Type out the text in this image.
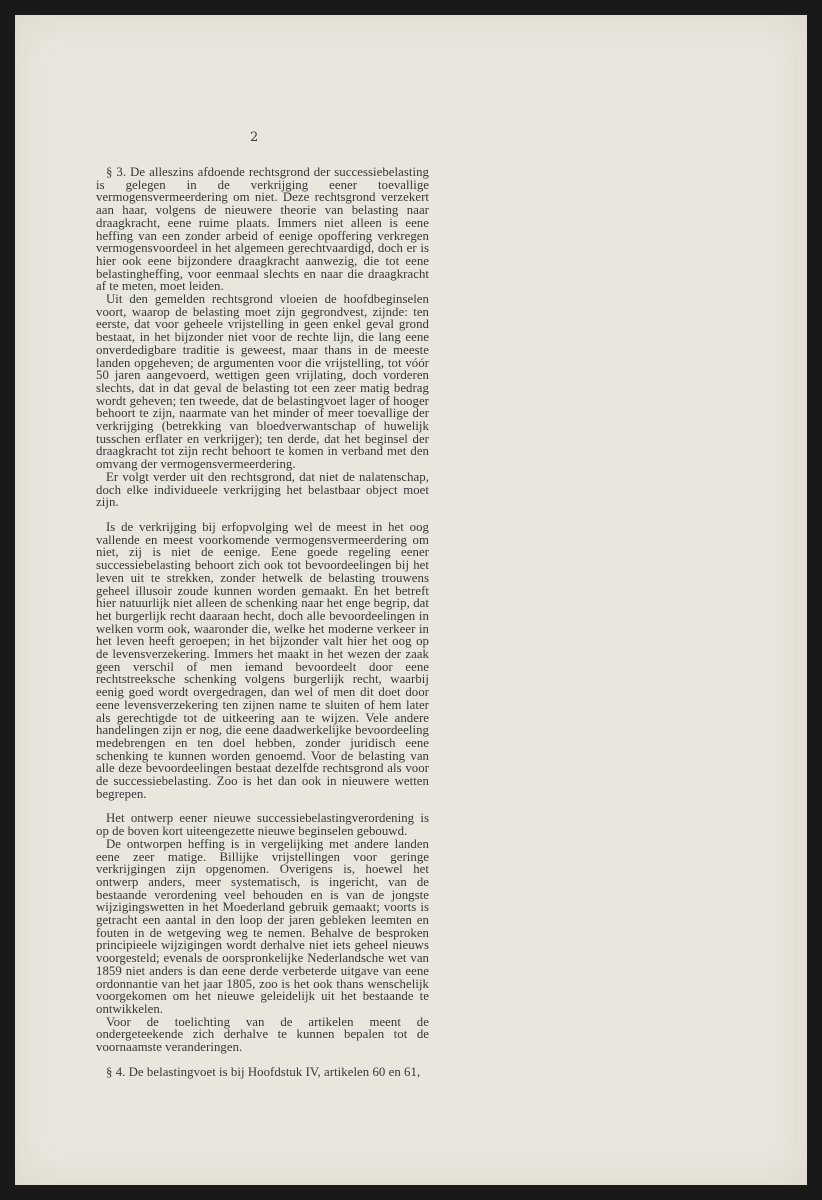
2

§ 3. De alleszins afdoende rechtsgrond der successiebelasting is gelegen in de verkrijging eener toevallige vermogensvermeerdering om niet. Deze rechtsgrond verzekert aan haar, volgens de nieuwere theorie van belasting naar draagkracht, eene ruime plaats. Immers niet alleen is eene heffing van een zonder arbeid of eenige opoffering verkregen vermogensvoordeel in het algemeen gerechtvaardigd, doch er is hier ook eene bijzondere draagkracht aanwezig, die tot eene belastingheffing, voor eenmaal slechts en naar die draagkracht af te meten, moet leiden.

Uit den gemelden rechtsgrond vloeien de hoofdbeginselen voort, waarop de belasting moet zijn gegrondvest, zijnde: ten eerste, dat voor geheele vrijstelling in geen enkel geval grond bestaat, in het bijzonder niet voor de rechte lijn, die lang eene onverdedigbare traditie is geweest, maar thans in de meeste landen opgeheven; de argumenten voor die vrijstelling, tot vóór 50 jaren aangevoerd, wettigen geen vrijlating, doch vorderen slechts, dat in dat geval de belasting tot een zeer matig bedrag wordt geheven; ten tweede, dat de belastingvoet lager of hooger behoort te zijn, naarmate van het minder of meer toevallige der verkrijging (betrekking van bloedverwantschap of huwelijk tusschen erflater en verkrijger); ten derde, dat het beginsel der draagkracht tot zijn recht behoort te komen in verband met den omvang der vermogensvermeerdering.

Er volgt verder uit den rechtsgrond, dat niet de nalatenschap, doch elke individueele verkrijging het belastbaar object moet zijn.

Is de verkrijging bij erfopvolging wel de meest in het oog vallende en meest voorkomende vermogensvermeerdering om niet, zij is niet de eenige. Eene goede regeling eener successiebelasting behoort zich ook tot bevoordeelingen bij het leven uit te strekken, zonder hetwelk de belasting trouwens geheel illusoir zoude kunnen worden gemaakt. En het betreft hier natuurlijk niet alleen de schenking naar het enge begrip, dat het burgerlijk recht daaraan hecht, doch alle bevoordeelingen in welken vorm ook, waaronder die, welke het moderne verkeer in het leven heeft geroepen; in het bijzonder valt hier het oog op de levensverzekering. Immers het maakt in het wezen der zaak geen verschil of men iemand bevoordeelt door eene rechtstreeksche schenking volgens burgerlijk recht, waarbij eenig goed wordt overgedragen, dan wel of men dit doet door eene levensverzekering ten zijnen name te sluiten of hem later als gerechtigde tot de uitkeering aan te wijzen. Vele andere handelingen zijn er nog, die eene daadwerkelijke bevoordeeling medebrengen en ten doel hebben, zonder juridisch eene schenking te kunnen worden genoemd. Voor de belasting van alle deze bevoordeelingen bestaat dezelfde rechtsgrond als voor de successiebelasting. Zoo is het dan ook in nieuwere wetten begrepen.

Het ontwerp eener nieuwe successiebelastingverordening is op de boven kort uiteengezette nieuwe beginselen gebouwd.

De ontworpen heffing is in vergelijking met andere landen eene zeer matige. Billijke vrijstellingen voor geringe verkrijgingen zijn opgenomen. Overigens is, hoewel het ontwerp anders, meer systematisch, is ingericht, van de bestaande verordening veel behouden en is van de jongste wijzigingswetten in het Moederland gebruik gemaakt; voorts is getracht een aantal in den loop der jaren gebleken leemten en fouten in de wetgeving weg te nemen. Behalve de besproken principieele wijzigingen wordt derhalve niet iets geheel nieuws voorgesteld; evenals de oorspronkelijke Nederlandsche wet van 1859 niet anders is dan eene derde verbeterde uitgave van eene ordonnantie van het jaar 1805, zoo is het ook thans wenschelijk voorgekomen om het nieuwe geleidelijk uit het bestaande te ontwikkelen.

Voor de toelichting van de artikelen meent de ondergeteekende zich derhalve te kunnen bepalen tot de voornaamste veranderingen.

§ 4. De belastingvoet is bij Hoofdstuk IV, artikelen 60 en 61,
